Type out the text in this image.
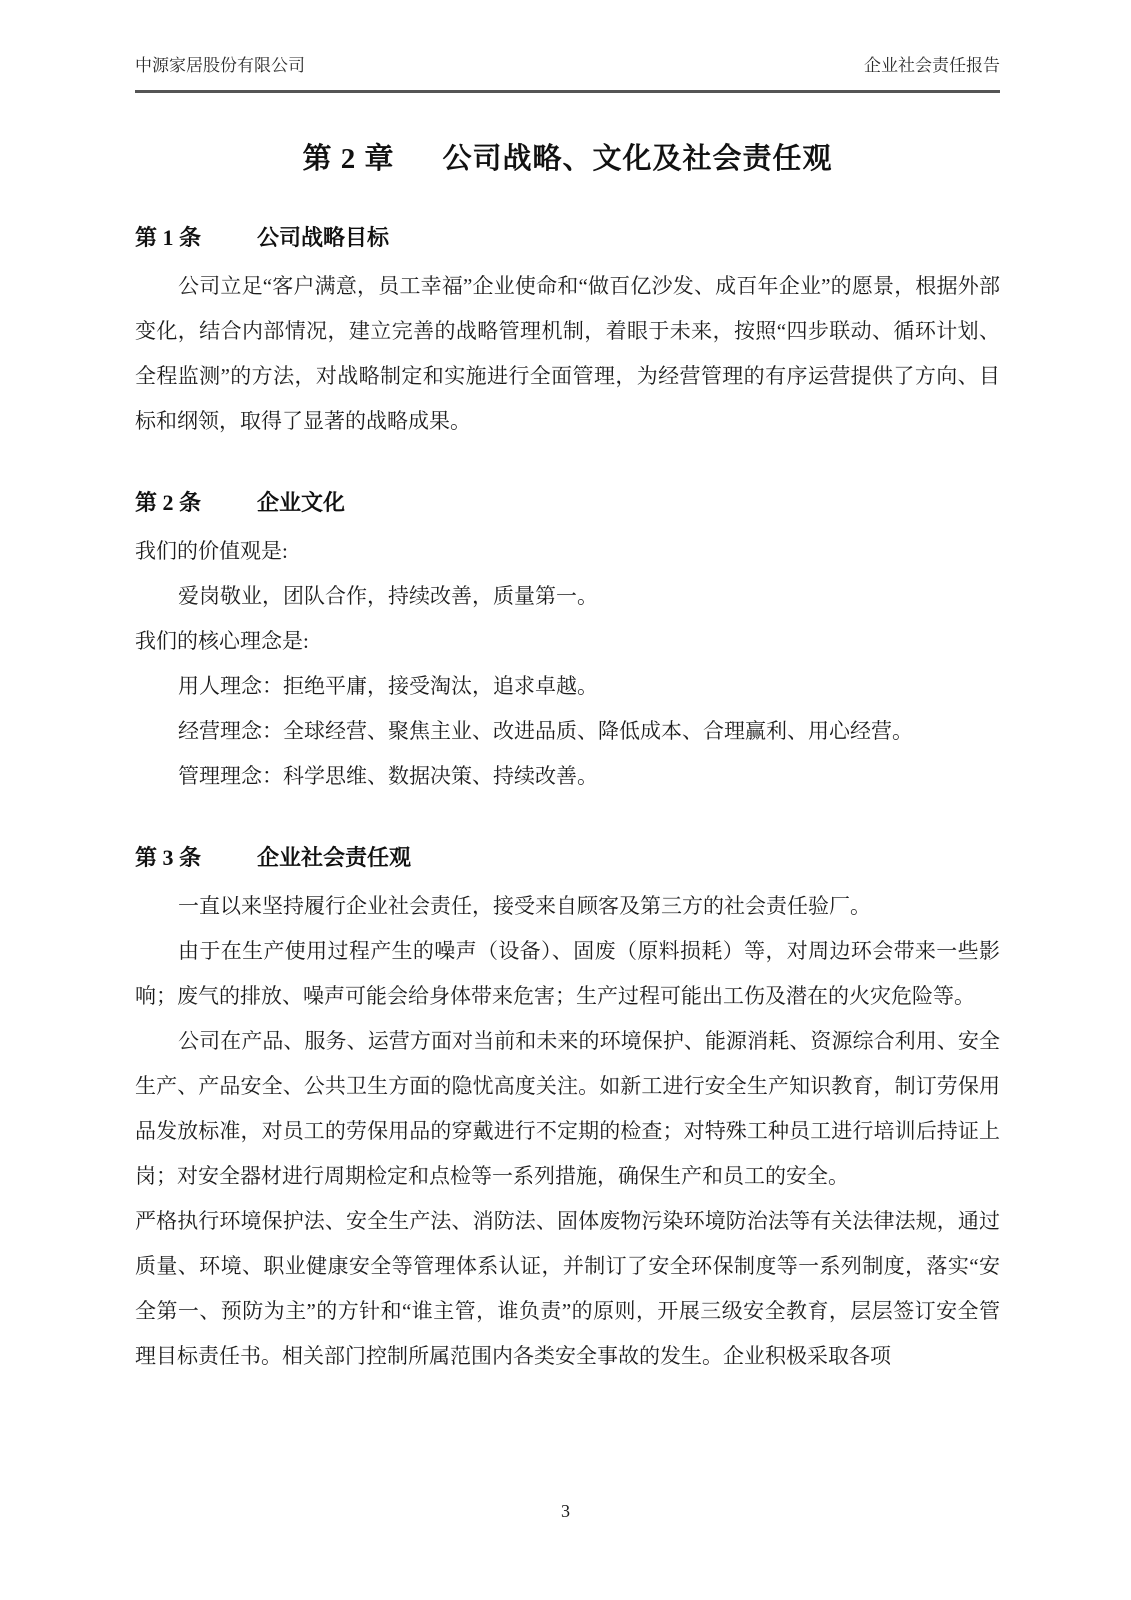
中源家居股份有限公司	企业社会责任报告
第 2 章 公司战略、文化及社会责任观
第 1 条	公司战略目标

公司立足“客户满意，员工幸福”企业使命和“做百亿沙发、成百年企业”的愿景，根据外部变化，结合内部情况，建立完善的战略管理机制，着眼于未来，按照“四步联动、循环计划、全程监测”的方法，对战略制定和实施进行全面管理，为经营管理的有序运营提供了方向、目标和纲领，取得了显著的战略成果。

第 2 条	企业文化

我们的价值观是:

爱岗敬业，团队合作，持续改善，质量第一。

我们的核心理念是:

用人理念：拒绝平庸，接受淘汰，追求卓越。

经营理念：全球经营、聚焦主业、改进品质、降低成本、合理赢利、用心经营。

管理理念：科学思维、数据决策、持续改善。

第 3 条	企业社会责任观

一直以来坚持履行企业社会责任，接受来自顾客及第三方的社会责任验厂。

由于在生产使用过程产生的噪声（设备）、固废（原料损耗）等，对周边环会带来一些影响；废气的排放、噪声可能会给身体带来危害；生产过程可能出工伤及潜在的火灾危险等。

公司在产品、服务、运营方面对当前和未来的环境保护、能源消耗、资源综合利用、安全生产、产品安全、公共卫生方面的隐忧高度关注。如新工进行安全生产知识教育，制订劳保用品发放标准，对员工的劳保用品的穿戴进行不定期的检查；对特殊工种员工进行培训后持证上岗；对安全器材进行周期检定和点检等一系列措施，确保生产和员工的安全。

严格执行环境保护法、安全生产法、消防法、固体废物污染环境防治法等有关法律法规，通过质量、环境、职业健康安全等管理体系认证，并制订了安全环保制度等一系列制度，落实“安全第一、预防为主”的方针和“谁主管，谁负责”的原则，开展三级安全教育，层层签订安全管理目标责任书。相关部门控制所属范围内各类安全事故的发生。企业积极采取各项

3
